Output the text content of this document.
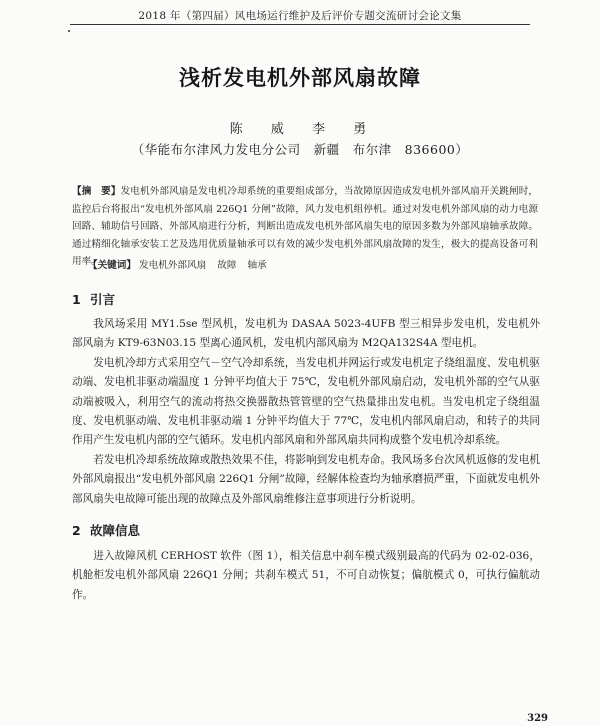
2018 年（第四届）风电场运行维护及后评价专题交流研讨会论文集
浅析发电机外部风扇故障
陈 威 李 勇
（华能布尔津风力发电分公司　新疆　布尔津　836600）
【摘　要】发电机外部风扇是发电机冷却系统的重要组成部分，当故障原因造成发电机外部风扇开关跳闸时，监控后台将报出“发电机外部风扇 226Q1 分闸”故障，风力发电机组停机。通过对发电机外部风扇的动力电源回路、辅助信号回路、外部风扇进行分析，判断出造成发电机外部风扇失电的原因多数为外部风扇轴承故障。通过精细化轴承安装工艺及选用优质量轴承可以有效的减少发电机外部风扇故障的发生，极大的提高设备可利用率。
【关键词】 发电机外部风扇 故障 轴承
1 引言

我风场采用 MY1.5se 型风机，发电机为 DASAA 5023-4UFB 型三相异步发电机，发电机外部风扇为 KT9-63N03.15 型离心通风机，发电机内部风扇为 M2QA132S4A 型电机。

发电机冷却方式采用空气－空气冷却系统，当发电机并网运行或发电机定子绕组温度、发电机驱动端、发电机非驱动端温度 1 分钟平均值大于 75℃，发电机外部风扇启动，发电机外部的空气从驱动端被吸入，利用空气的流动将热交换器散热管管壁的空气热量排出发电机。当发电机定子绕组温度、发电机驱动端、发电机非驱动端 1 分钟平均值大于 77℃，发电机内部风扇启动，和转子的共同作用产生发电机内部的空气循环。发电机内部风扇和外部风扇共同构成整个发电机冷却系统。

若发电机冷却系统故障或散热效果不佳，将影响到发电机寿命。我风场多台次风机返修的发电机外部风扇报出“发电机外部风扇 226Q1 分闸”故障，经解体检查均为轴承磨损严重，下面就发电机外部风扇失电故障可能出现的故障点及外部风扇维修注意事项进行分析说明。

2 故障信息

进入故障风机 CERHOST 软件（图 1），相关信息中刹车模式级别最高的代码为 02-02-036，机舱柜发电机外部风扇 226Q1 分闸；共刹车模式 51，不可自动恢复；偏航模式 0，可执行偏航动作。

329
